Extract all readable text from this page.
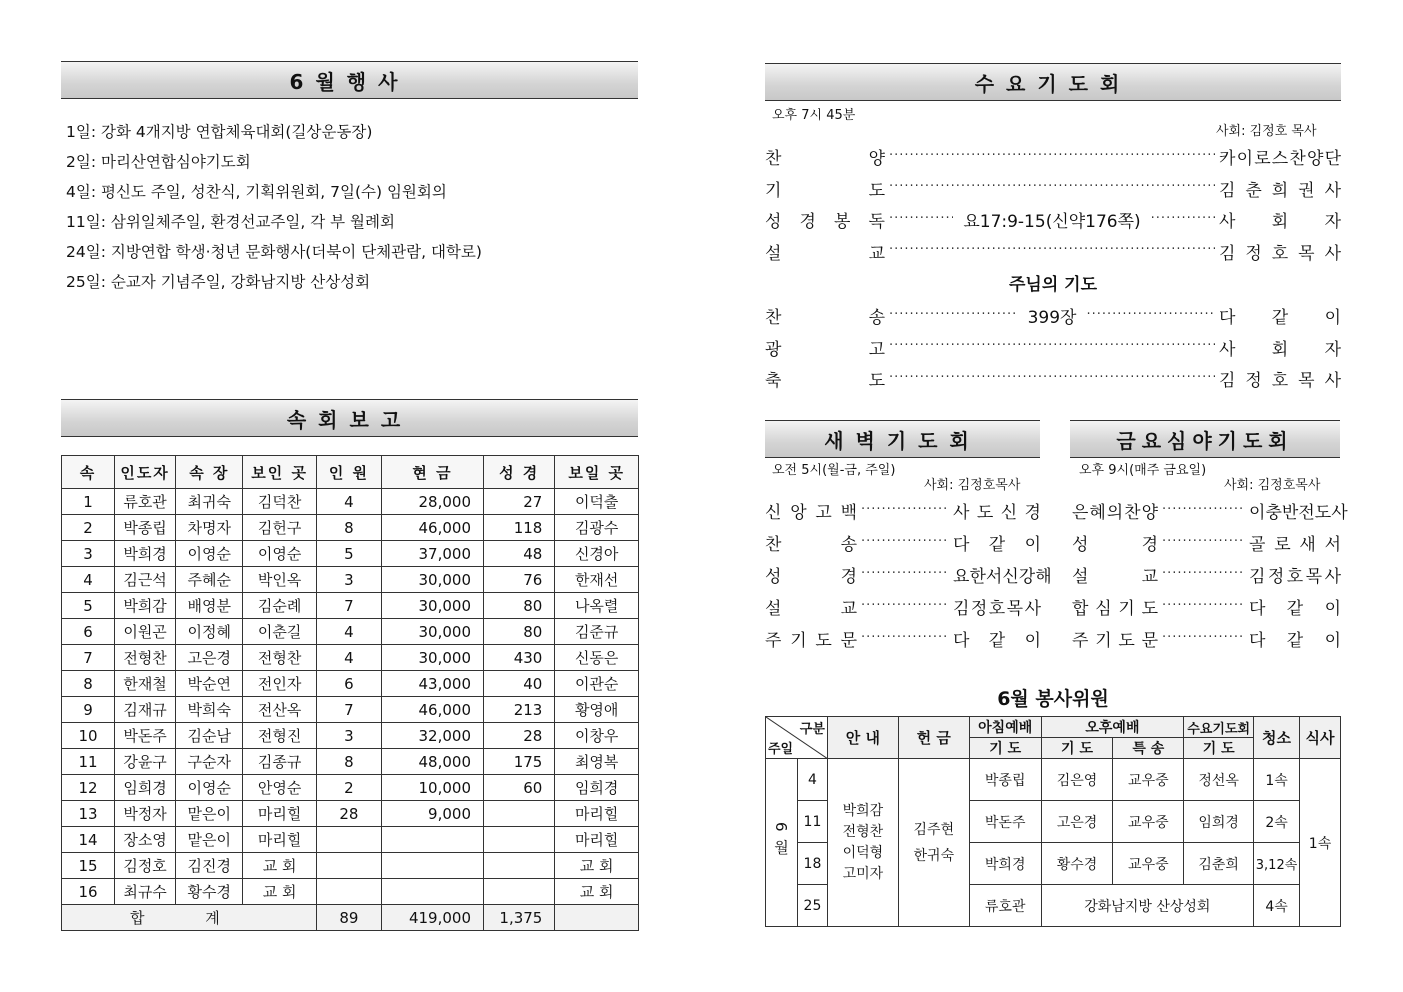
6월행사
1일: 강화 4개지방 연합체육대회(길상운동장)
2일: 마리산연합심야기도회
4일: 평신도 주일, 성찬식, 기획위원회, 7일(수) 임원회의
11일: 삼위일체주일, 환경선교주일, 각 부 월례회
24일: 지방연합 학생·청년 문화행사(더북이 단체관람, 대학로)
25일: 순교자 기념주일, 강화남지방 산상성회
속회보고
속	인도자	속 장	보인 곳	인 원	현 금	성 경	보일 곳
1	류호관	최귀숙	김덕찬	4	28,000	27	이덕출
2	박종립	차명자	김헌구	8	46,000	118	김광수
3	박희경	이영순	이영순	5	37,000	48	신경아
4	김근석	주혜순	박인옥	3	30,000	76	한재선
5	박희감	배영분	김순례	7	30,000	80	나옥렬
6	이원곤	이정혜	이춘길	4	30,000	80	김준규
7	전형찬	고은경	전형찬	4	30,000	430	신동은
8	한재철	박순연	전인자	6	43,000	40	이관순
9	김재규	박희숙	전산옥	7	46,000	213	황영애
10	박돈주	김순남	전형진	3	32,000	28	이창우
11	강윤구	구순자	김종규	8	48,000	175	최영복
12	임희경	이영순	안영순	2	10,000	60	임희경
13	박정자	맡은이	마리힐	28	9,000		마리힐
14	장소영	맡은이	마리힐				마리힐
15	김정호	김진경	교 회				교 회
16	최규수	황수경	교 회				교 회
합 계				89	419,000	1,375	
수요기도회
오후 7시 45분
사회: 김정호 목사
찬	양 ·····	카 이 로 스 찬 양 단
기	도 ·····	김 춘 희 권 사
성 경 봉 독 ·····	요17:9-15(신약176쪽) ·····	사 회 자
설	교 ·····	김 정 호 목 사
찬	송 ·····	399장 ·····	다 같 이
광	고 ·····	사 회 자
축	도 ·····	김 정 호 목 사
주님의 기도
새벽기도회
오전 5시(월-금, 주일)
사회: 김정호목사
신 앙 고 백 ·····	사 도 신 경
찬	송 ·····	다 같 이
성	경 ·····	요 한 서 신 강 해
설	교 ·····	김 정 호 목 사
주 기 도 문 ·····	다 같 이
금요심야기도회
오후 9시(매주 금요일)
사회: 김정호목사
은 혜 의 찬 양 ·····	이 충 반 전 도 사
성	경 ·····	골 로 새 서
설	교 ·····	김 정 호 목 사
합 심 기 도 ·····	다 같 이
주 기 도 문 ·····	다 같 이
6월 봉사위원
구분
주일		안 내	헌 금	아침예배	오후예배		수요기도회	청소	식사
				기 도	기 도	특 송	기 도		
6월	4	박희감 전형찬 이덕형 고미자	김주현 한귀숙	박종립	김은영	교우중	정선옥	1속	1속
	11			박돈주	고은경	교우중	임희경	2속	
	18			박희경	황수경	교우중	김춘희	3,12속	
	25			류호관	강화남지방 산상성회			4속	
